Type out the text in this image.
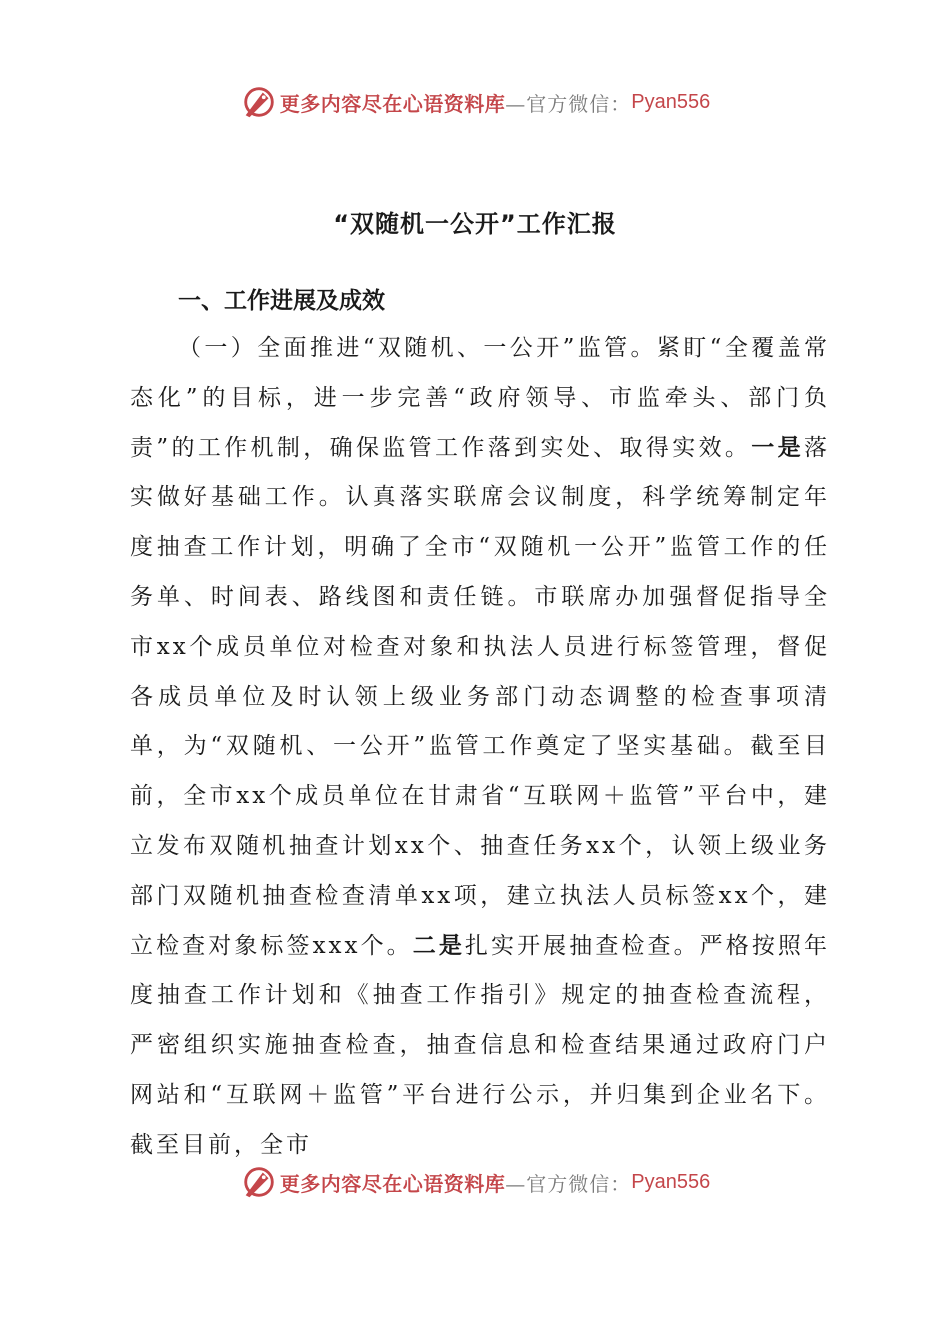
更多内容尽在心语资料库 —官方微信： Pyan556
“双随机一公开”工作汇报
一、工作进展及成效
（一）全面推进“双随机、一公开”监管。紧盯“全覆盖常态化”的目标，进一步完善“政府领导、市监牵头、部门负责”的工作机制，确保监管工作落到实处、取得实效。一是落实做好基础工作。认真落实联席会议制度，科学统筹制定年度抽查工作计划，明确了全市“双随机一公开”监管工作的任务单、时间表、路线图和责任链。市联席办加强督促指导全市xx个成员单位对检查对象和执法人员进行标签管理，督促各成员单位及时认领上级业务部门动态调整的检查事项清单，为“双随机、一公开”监管工作奠定了坚实基础。截至目前，全市xx个成员单位在甘肃省“互联网＋监管”平台中，建立发布双随机抽查计划xx个、抽查任务xx个，认领上级业务部门双随机抽查检查清单xx项，建立执法人员标签xx个，建立检查对象标签xxx个。二是扎实开展抽查检查。严格按照年度抽查工作计划和《抽查工作指引》规定的抽查检查流程，严密组织实施抽查检查，抽查信息和检查结果通过政府门户网站和“互联网＋监管”平台进行公示，并归集到企业名下。截至目前，全市
更多内容尽在心语资料库 —官方微信： Pyan556
